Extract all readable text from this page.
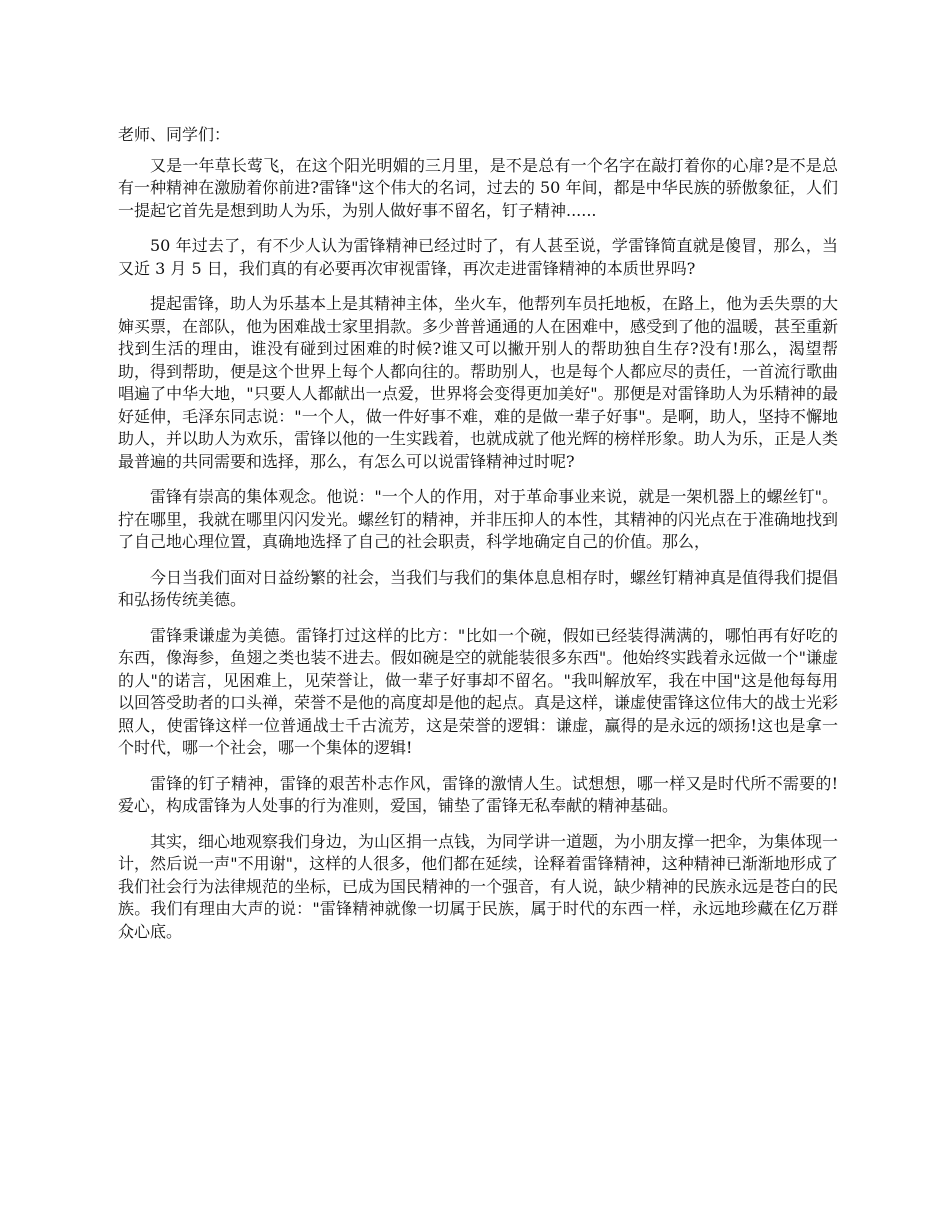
老师、同学们：

又是一年草长莺飞，在这个阳光明媚的三月里，是不是总有一个名字在敲打着你的心扉?是不是总有一种精神在激励着你前进?雷锋"这个伟大的名词，过去的 50 年间，都是中华民族的骄傲象征，人们一提起它首先是想到助人为乐，为别人做好事不留名，钉子精神......

50 年过去了，有不少人认为雷锋精神已经过时了，有人甚至说，学雷锋简直就是傻冒，那么，当又近 3 月 5 日，我们真的有必要再次审视雷锋，再次走进雷锋精神的本质世界吗?

提起雷锋，助人为乐基本上是其精神主体，坐火车，他帮列车员托地板，在路上，他为丢失票的大婶买票，在部队，他为困难战士家里捐款。多少普普通通的人在困难中，感受到了他的温暖，甚至重新找到生活的理由，谁没有碰到过困难的时候?谁又可以撇开别人的帮助独自生存?没有!那么，渴望帮助，得到帮助，便是这个世界上每个人都向往的。帮助别人，也是每个人都应尽的责任，一首流行歌曲唱遍了中华大地，"只要人人都献出一点爱，世界将会变得更加美好"。那便是对雷锋助人为乐精神的最好延伸，毛泽东同志说："一个人，做一件好事不难，难的是做一辈子好事"。是啊，助人，坚持不懈地助人，并以助人为欢乐，雷锋以他的一生实践着，也就成就了他光辉的榜样形象。助人为乐，正是人类最普遍的共同需要和选择，那么，有怎么可以说雷锋精神过时呢?

雷锋有崇高的集体观念。他说："一个人的作用，对于革命事业来说，就是一架机器上的螺丝钉"。拧在哪里，我就在哪里闪闪发光。螺丝钉的精神，并非压抑人的本性，其精神的闪光点在于准确地找到了自己地心理位置，真确地选择了自己的社会职责，科学地确定自己的价值。那么，

今日当我们面对日益纷繁的社会，当我们与我们的集体息息相存时，螺丝钉精神真是值得我们提倡和弘扬传统美德。

雷锋秉谦虚为美德。雷锋打过这样的比方："比如一个碗，假如已经装得满满的，哪怕再有好吃的东西，像海参，鱼翅之类也装不进去。假如碗是空的就能装很多东西"。他始终实践着永远做一个"谦虚的人"的诺言，见困难上，见荣誉让，做一辈子好事却不留名。"我叫解放军，我在中国"这是他每每用以回答受助者的口头禅，荣誉不是他的高度却是他的起点。真是这样，谦虚使雷锋这位伟大的战士光彩照人，使雷锋这样一位普通战士千古流芳，这是荣誉的逻辑：谦虚，赢得的是永远的颂扬!这也是拿一个时代，哪一个社会，哪一个集体的逻辑!

雷锋的钉子精神，雷锋的艰苦朴志作风，雷锋的激情人生。试想想，哪一样又是时代所不需要的!爱心，构成雷锋为人处事的行为准则，爱国，铺垫了雷锋无私奉献的精神基础。

其实，细心地观察我们身边，为山区捐一点钱，为同学讲一道题，为小朋友撑一把伞，为集体现一计，然后说一声"不用谢"，这样的人很多，他们都在延续，诠释着雷锋精神，这种精神已渐渐地形成了我们社会行为法律规范的坐标，已成为国民精神的一个强音，有人说，缺少精神的民族永远是苍白的民族。我们有理由大声的说："雷锋精神就像一切属于民族，属于时代的东西一样，永远地珍藏在亿万群众心底。
